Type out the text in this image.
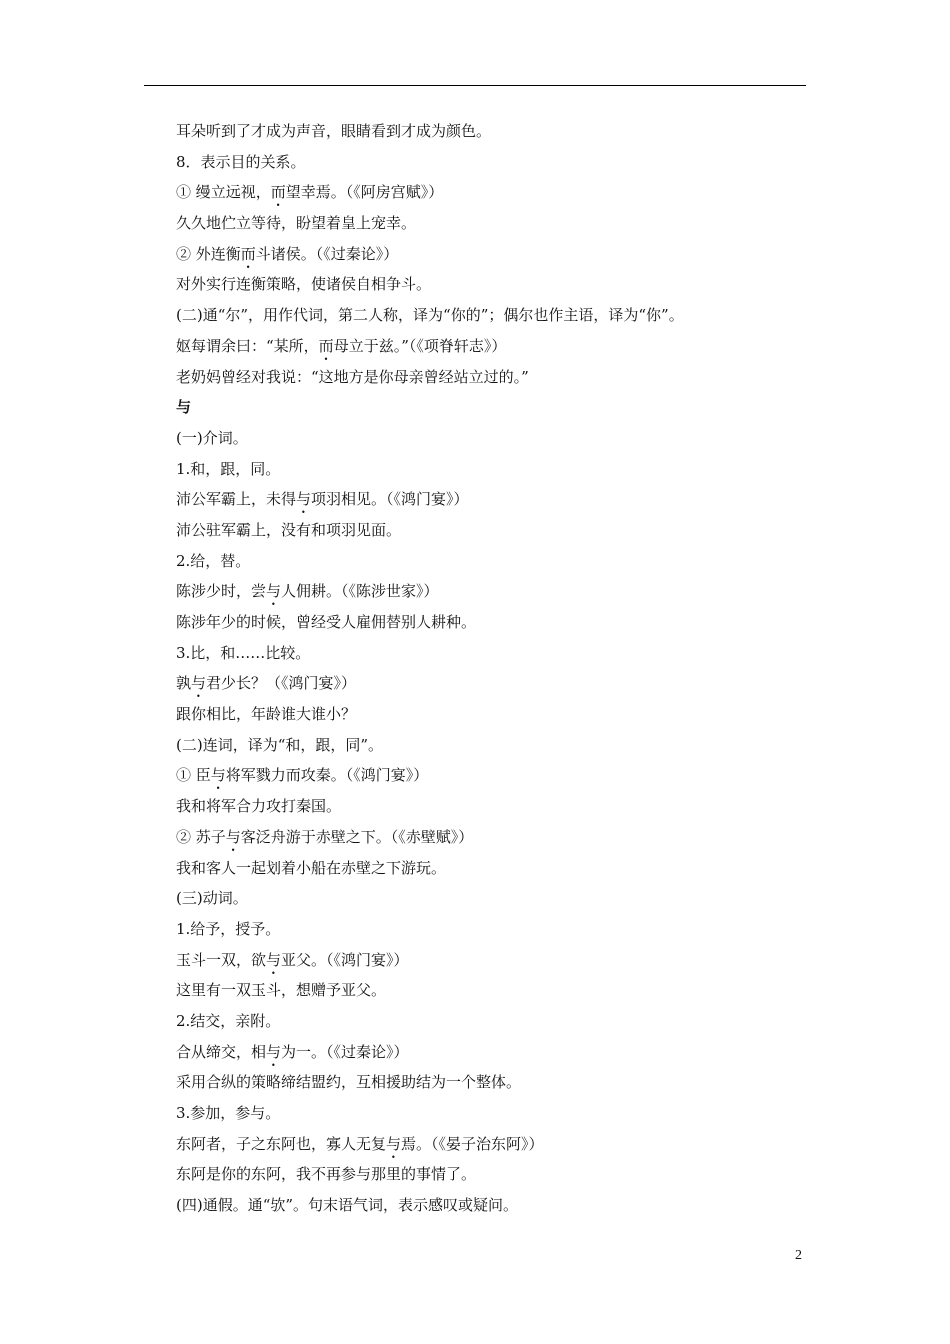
耳朵听到了才成为声音，眼睛看到才成为颜色。
8．表示目的关系。
① 缦立远视，而望幸焉。（《阿房宫赋》）
久久地伫立等待，盼望着皇上宠幸。
② 外连衡而斗诸侯。（《过秦论》）
对外实行连衡策略，使诸侯自相争斗。
(二)通“尔”，用作代词，第二人称，译为“你的”；偶尔也作主语，译为“你”。
妪每谓余曰：“某所，而母立于兹。”（《项脊轩志》）
老奶妈曾经对我说：“这地方是你母亲曾经站立过的。”
与
(一)介词。
1.和，跟，同。
沛公军霸上，未得与项羽相见。（《鸿门宴》）
沛公驻军霸上，没有和项羽见面。
2.给，替。
陈涉少时，尝与人佣耕。（《陈涉世家》）
陈涉年少的时候，曾经受人雇佣替别人耕种。
3.比，和……比较。
孰与君少长？（《鸿门宴》）
跟你相比，年龄谁大谁小？
(二)连词，译为“和，跟，同”。
① 臣与将军戮力而攻秦。（《鸿门宴》）
我和将军合力攻打秦国。
② 苏子与客泛舟游于赤壁之下。（《赤壁赋》）
我和客人一起划着小船在赤壁之下游玩。
(三)动词。
1.给予，授予。
玉斗一双，欲与亚父。（《鸿门宴》）
这里有一双玉斗，想赠予亚父。
2.结交，亲附。
合从缔交，相与为一。（《过秦论》）
采用合纵的策略缔结盟约，互相援助结为一个整体。
3.参加，参与。
东阿者，子之东阿也，寡人无复与焉。（《晏子治东阿》）
东阿是你的东阿，我不再参与那里的事情了。
(四)通假。通“欤”。句末语气词，表示感叹或疑问。
2
